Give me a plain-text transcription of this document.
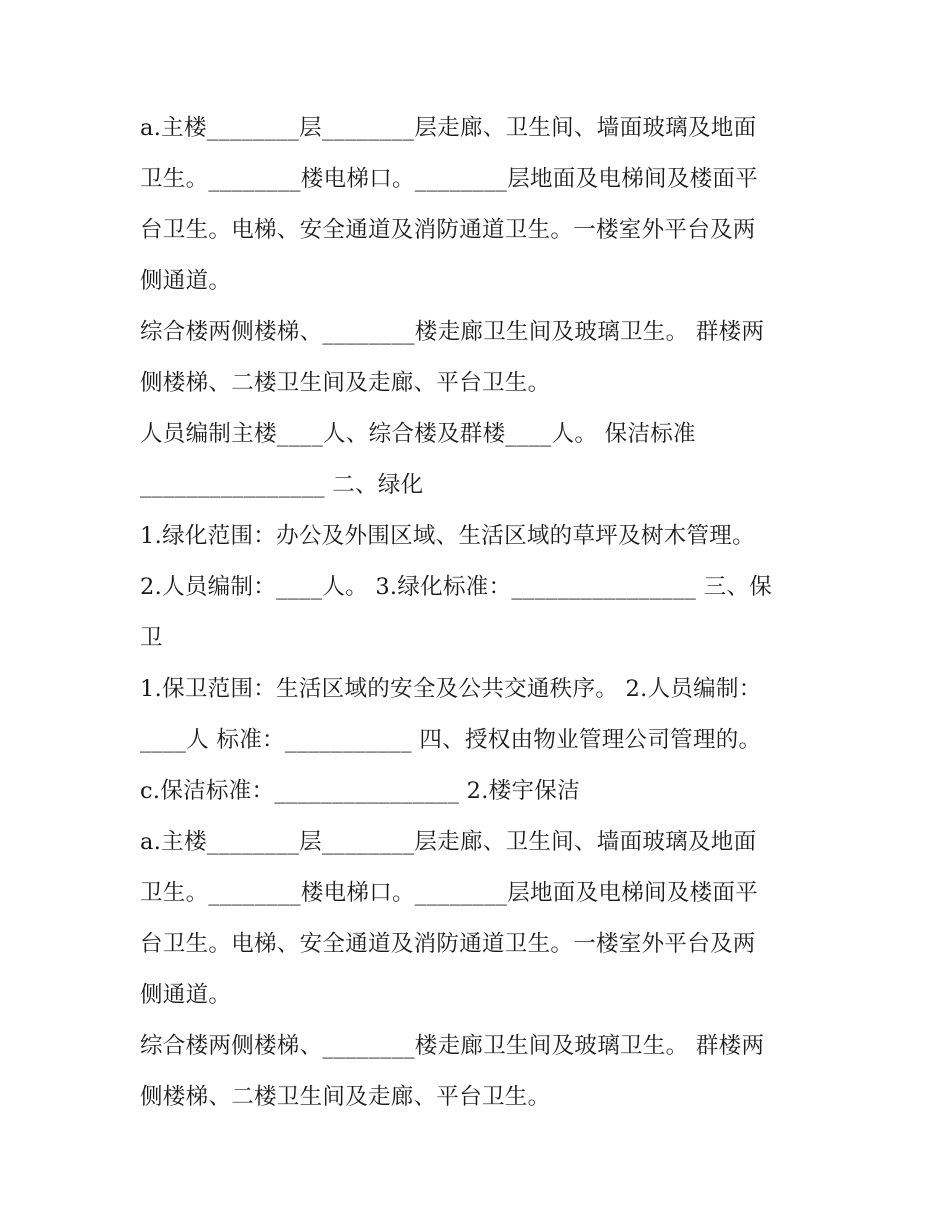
a.主楼________层________层走廊、卫生间、墙面玻璃及地面

卫生。________楼电梯口。________层地面及电梯间及楼面平

台卫生。电梯、安全通道及消防通道卫生。一楼室外平台及两

侧通道。

综合楼两侧楼梯、________楼走廊卫生间及玻璃卫生。 群楼两

侧楼梯、二楼卫生间及走廊、平台卫生。

人员编制主楼____人、综合楼及群楼____人。 保洁标准

________________ 二、绿化

1.绿化范围：办公及外围区域、生活区域的草坪及树木管理。

2.人员编制：____人。 3.绿化标准：________________ 三、保

卫

1.保卫范围：生活区域的安全及公共交通秩序。 2.人员编制：

____人 标准：___________ 四、授权由物业管理公司管理的。

c.保洁标准：________________ 2.楼宇保洁

a.主楼________层________层走廊、卫生间、墙面玻璃及地面

卫生。________楼电梯口。________层地面及电梯间及楼面平

台卫生。电梯、安全通道及消防通道卫生。一楼室外平台及两

侧通道。

综合楼两侧楼梯、________楼走廊卫生间及玻璃卫生。 群楼两

侧楼梯、二楼卫生间及走廊、平台卫生。
